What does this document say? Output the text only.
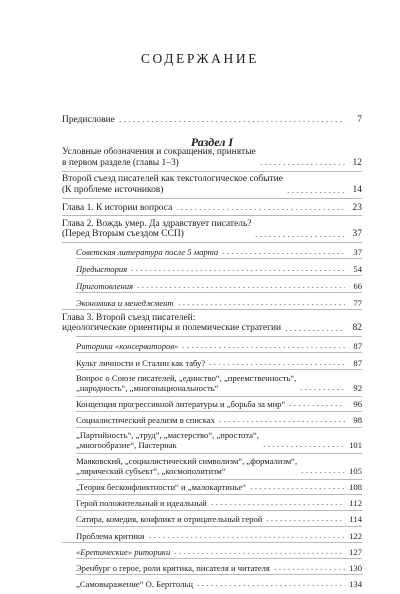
СОДЕРЖАНИЕ
Предисловие	7
Раздел I
Условные обозначения и сокращения, принятые
в первом разделе (главы 1–3)	12
Второй съезд писателей как текстологическое событие
(К проблеме источников)	14
Глава 1. К истории вопроса	23
Глава 2. Вождь умер. Да здравствует писатель?
(Перед Вторым съездом ССП)	37
Советская литература после 5 марта	37
Предыстория	54
Приготовления	66
Экономика и менеджмент	77
Глава 3. Второй съезд писателей:
идеологические ориентиры и полемические стратегии	82
Риторика «консерваторов»	87
Культ личности и Сталин как табу?	87
Вопрос о Союзе писателей, „единство“, „преемственность“,
„народность“, „многонациональность“	92
Концепция прогрессивной литературы и „борьба за мир“	96
Социалистический реализм в списках	98
„Партийность“, „труд“, „мастерство“, „простота“,
„многообразие“, Пастернак	101
Маяковский, „социалистический символизм“, „формализм“,
„лирический субъект“, „космополитизм“	105
„Теория бесконфликтности“ и „малокартинье“	108
Герой положительный и идеальный	112
Сатира, комедия, конфликт и отрицательный герой	114
Проблема критики	122
«Еретические» риторики	127
Эренбург о герое, роли критика, писателя и читателя	130
„Самовыражение“ О. Берггольц	134
